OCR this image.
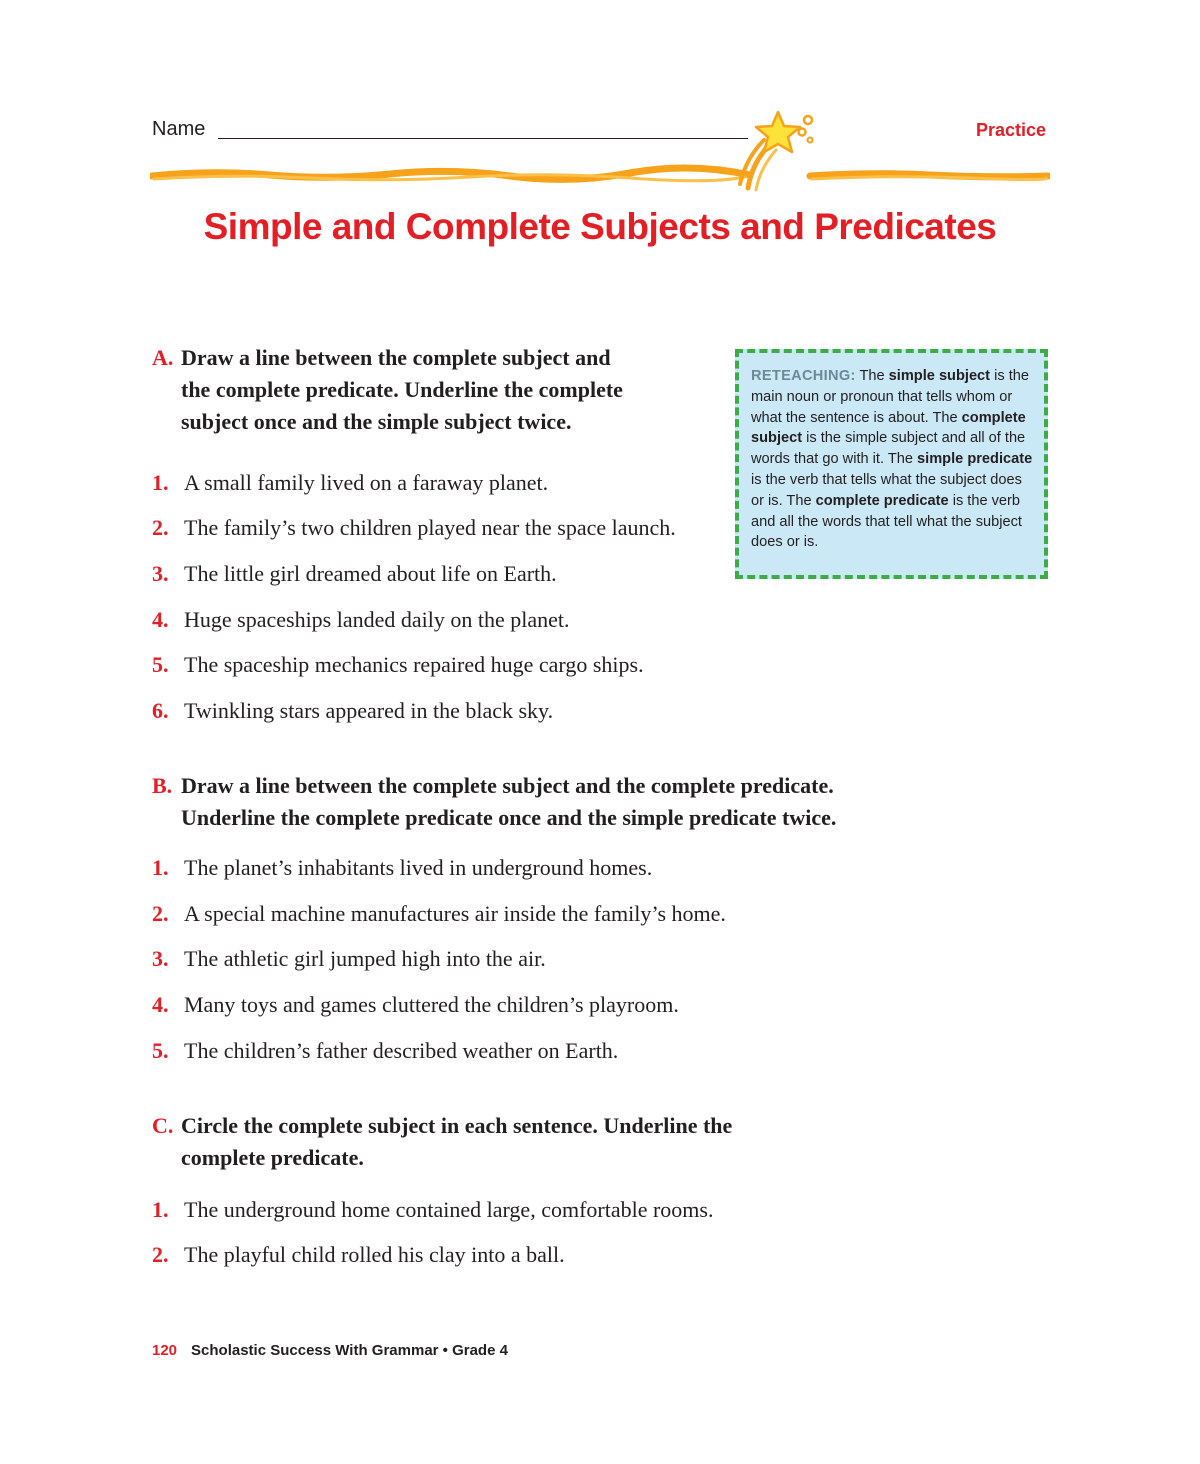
Name	Practice
Simple and Complete Subjects and Predicates
A. Draw a line between the complete subject and
the complete predicate. Underline the complete
subject once and the simple subject twice.
1. A small family lived on a faraway planet.
2. The family’s two children played near the space launch.
3. The little girl dreamed about life on Earth.
4. Huge spaceships landed daily on the planet.
5. The spaceship mechanics repaired huge cargo ships.
6. Twinkling stars appeared in the black sky.
RETEACHING: The simple subject is the main noun or pronoun that tells whom or what the sentence is about. The complete subject is the simple subject and all of the words that go with it. The simple predicate is the verb that tells what the subject does or is. The complete predicate is the verb and all the words that tell what the subject does or is.
B. Draw a line between the complete subject and the complete predicate.
Underline the complete predicate once and the simple predicate twice.
1. The planet’s inhabitants lived in underground homes.
2. A special machine manufactures air inside the family’s home.
3. The athletic girl jumped high into the air.
4. Many toys and games cluttered the children’s playroom.
5. The children’s father described weather on Earth.
C. Circle the complete subject in each sentence. Underline the
complete predicate.
1. The underground home contained large, comfortable rooms.
2. The playful child rolled his clay into a ball.
120 Scholastic Success With Grammar • Grade 4
